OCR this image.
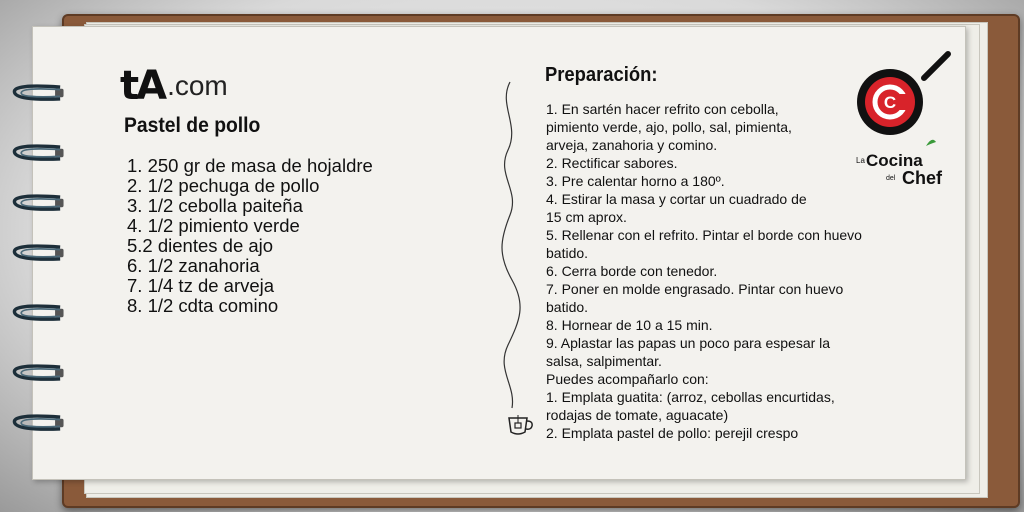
tA .com
Pastel de pollo
1. 250 gr de masa de hojaldre
2. 1/2 pechuga de pollo
3. 1/2 cebolla paiteña
4. 1/2 pimiento verde
5.2 dientes de ajo
6. 1/2 zanahoria
7. 1/4 tz de arveja
8. 1/2 cdta comino
Preparación:
1. En sartén hacer refrito con cebolla,
pimiento verde, ajo, pollo, sal, pimienta,
arveja, zanahoria y comino.
2. Rectificar sabores.
3. Pre calentar horno a 180º.
4. Estirar la masa y cortar un cuadrado de
15 cm aprox.
5. Rellenar con el refrito. Pintar el borde con huevo
batido.
6. Cerra borde con tenedor.
7. Poner en molde engrasado. Pintar con huevo
batido.
8. Hornear de 10 a 15 min.
9. Aplastar las papas un poco para espesar la
salsa, salpimentar.
Puedes acompañarlo con:
1. Emplata guatita: (arroz, cebollas encurtidas,
rodajas de tomate, aguacate)
2. Emplata pastel de pollo: perejil crespo
C
La Cocina
del Chef
